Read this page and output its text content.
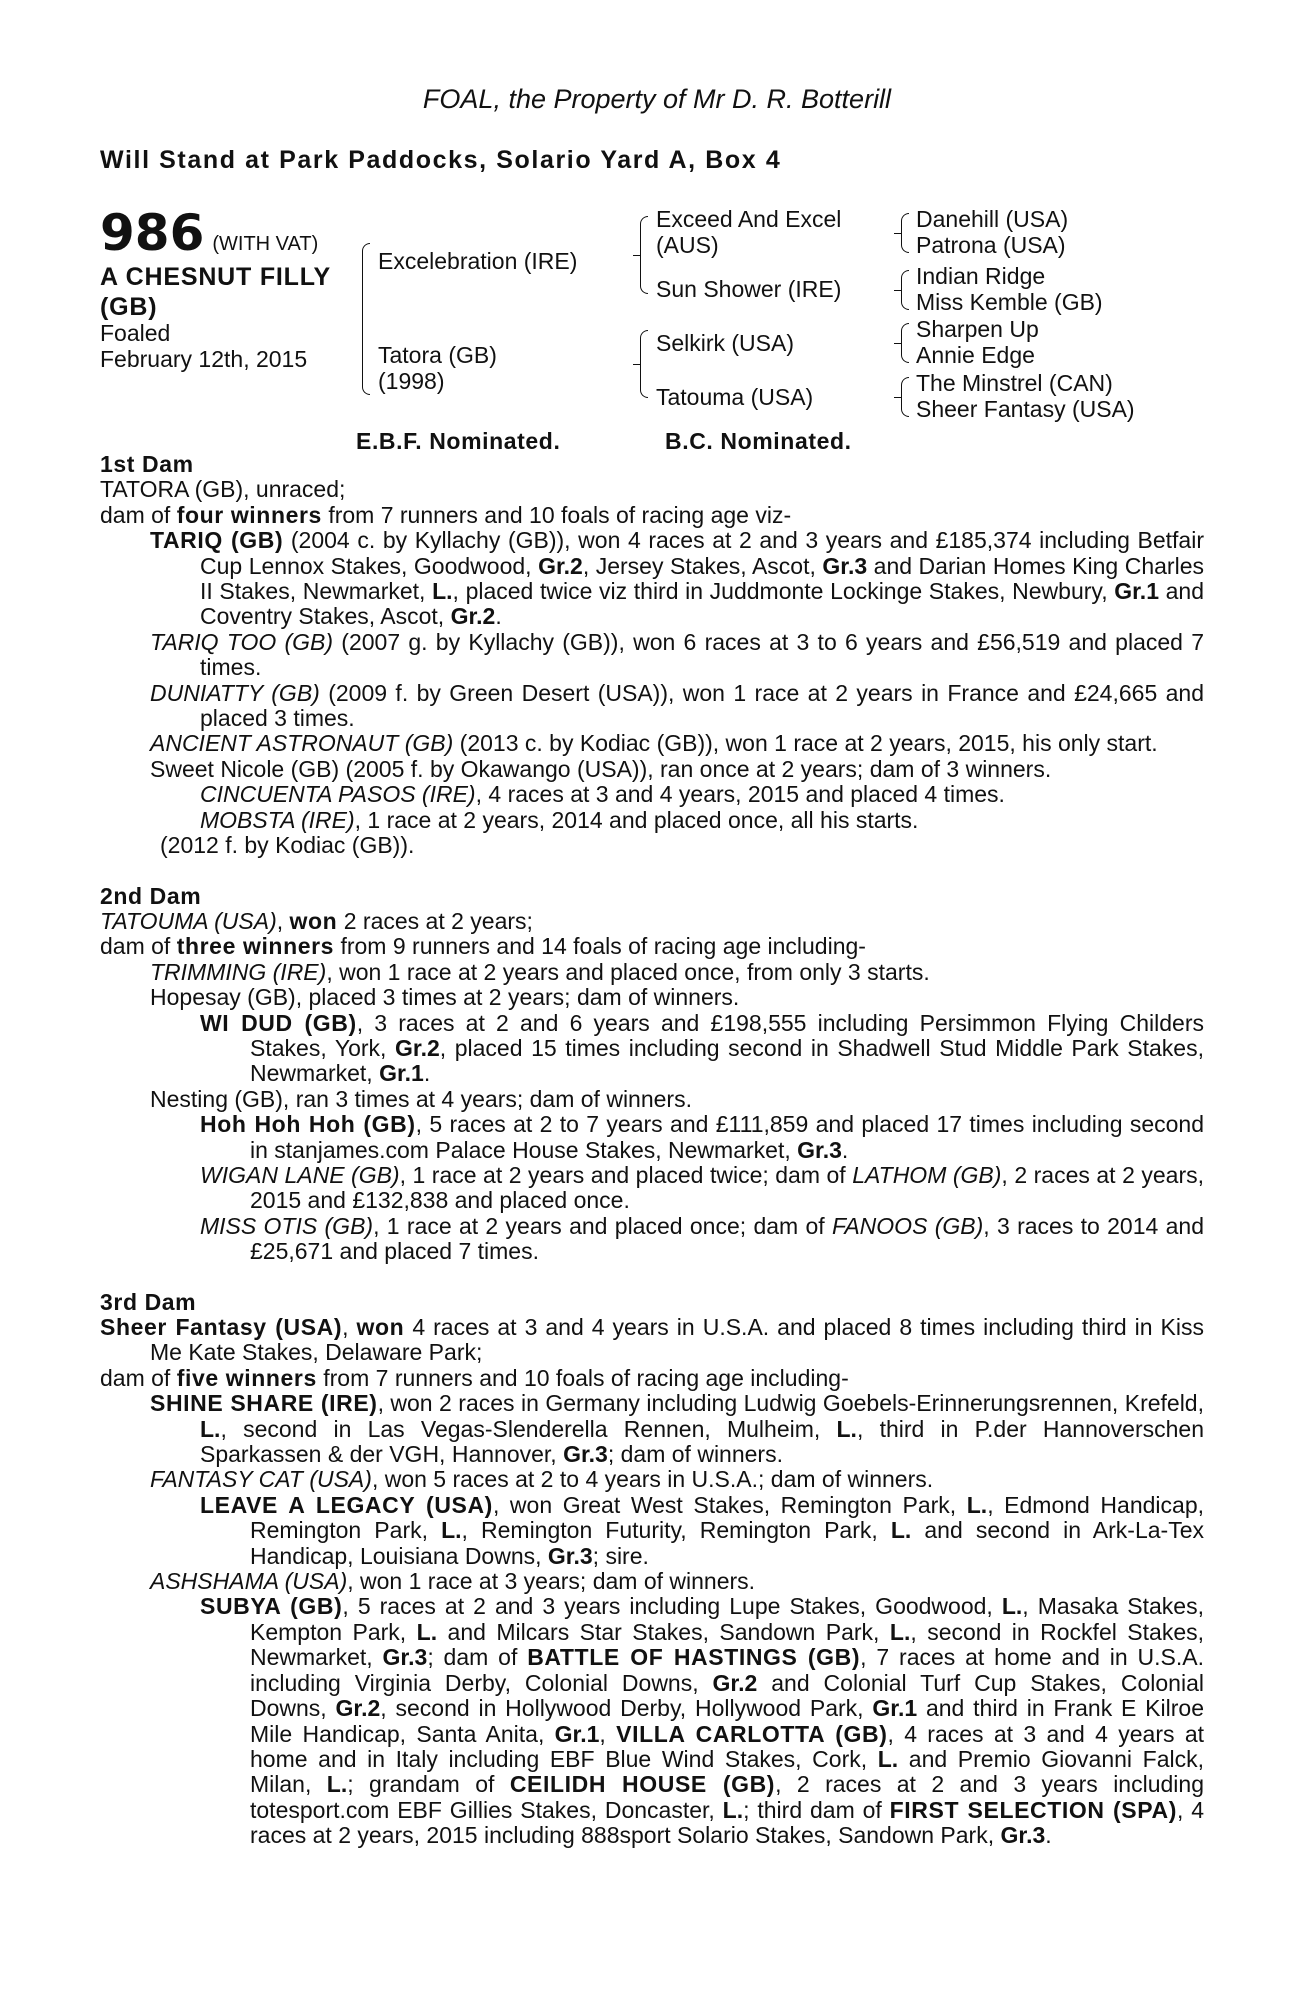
FOAL, the Property of Mr D. R. Botterill
Will Stand at Park Paddocks, Solario Yard A, Box 4
986 (WITH VAT)
A CHESNUT FILLY
(GB)
Foaled
February 12th, 2015
Excelebration (IRE)
Tatora (GB)
(1998)
Exceed And Excel
(AUS)
Sun Shower (IRE)
Selkirk (USA)
Tatouma (USA)
Danehill (USA)
Patrona (USA)
Indian Ridge
Miss Kemble (GB)
Sharpen Up
Annie Edge
The Minstrel (CAN)
Sheer Fantasy (USA)
E.B.F. Nominated.	B.C. Nominated.

1st Dam

TATORA (GB), unraced;

dam of four winners from 7 runners and 10 foals of racing age viz-

TARIQ (GB) (2004 c. by Kyllachy (GB)), won 4 races at 2 and 3 years and £185,374 including Betfair Cup Lennox Stakes, Goodwood, Gr.2, Jersey Stakes, Ascot, Gr.3 and Darian Homes King Charles II Stakes, Newmarket, L., placed twice viz third in Juddmonte Lockinge Stakes, Newbury, Gr.1 and Coventry Stakes, Ascot, Gr.2.

TARIQ TOO (GB) (2007 g. by Kyllachy (GB)), won 6 races at 3 to 6 years and £56,519 and placed 7 times.

DUNIATTY (GB) (2009 f. by Green Desert (USA)), won 1 race at 2 years in France and £24,665 and placed 3 times.

ANCIENT ASTRONAUT (GB) (2013 c. by Kodiac (GB)), won 1 race at 2 years, 2015, his only start.

Sweet Nicole (GB) (2005 f. by Okawango (USA)), ran once at 2 years; dam of 3 winners.

CINCUENTA PASOS (IRE), 4 races at 3 and 4 years, 2015 and placed 4 times.

MOBSTA (IRE), 1 race at 2 years, 2014 and placed once, all his starts.

(2012 f. by Kodiac (GB)).

2nd Dam

TATOUMA (USA), won 2 races at 2 years;

dam of three winners from 9 runners and 14 foals of racing age including-

TRIMMING (IRE), won 1 race at 2 years and placed once, from only 3 starts.

Hopesay (GB), placed 3 times at 2 years; dam of winners.

WI DUD (GB), 3 races at 2 and 6 years and £198,555 including Persimmon Flying Childers Stakes, York, Gr.2, placed 15 times including second in Shadwell Stud Middle Park Stakes, Newmarket, Gr.1.

Nesting (GB), ran 3 times at 4 years; dam of winners.

Hoh Hoh Hoh (GB), 5 races at 2 to 7 years and £111,859 and placed 17 times including second in stanjames.com Palace House Stakes, Newmarket, Gr.3.

WIGAN LANE (GB), 1 race at 2 years and placed twice; dam of LATHOM (GB), 2 races at 2 years, 2015 and £132,838 and placed once.

MISS OTIS (GB), 1 race at 2 years and placed once; dam of FANOOS (GB), 3 races to 2014 and £25,671 and placed 7 times.

3rd Dam

Sheer Fantasy (USA), won 4 races at 3 and 4 years in U.S.A. and placed 8 times including third in Kiss Me Kate Stakes, Delaware Park;

dam of five winners from 7 runners and 10 foals of racing age including-

SHINE SHARE (IRE), won 2 races in Germany including Ludwig Goebels-Erinnerungsrennen, Krefeld, L., second in Las Vegas-Slenderella Rennen, Mulheim, L., third in P.der Hannoverschen Sparkassen & der VGH, Hannover, Gr.3; dam of winners.

FANTASY CAT (USA), won 5 races at 2 to 4 years in U.S.A.; dam of winners.

LEAVE A LEGACY (USA), won Great West Stakes, Remington Park, L., Edmond Handicap, Remington Park, L., Remington Futurity, Remington Park, L. and second in Ark-La-Tex Handicap, Louisiana Downs, Gr.3; sire.

ASHSHAMA (USA), won 1 race at 3 years; dam of winners.

SUBYA (GB), 5 races at 2 and 3 years including Lupe Stakes, Goodwood, L., Masaka Stakes, Kempton Park, L. and Milcars Star Stakes, Sandown Park, L., second in Rockfel Stakes, Newmarket, Gr.3; dam of BATTLE OF HASTINGS (GB), 7 races at home and in U.S.A. including Virginia Derby, Colonial Downs, Gr.2 and Colonial Turf Cup Stakes, Colonial Downs, Gr.2, second in Hollywood Derby, Hollywood Park, Gr.1 and third in Frank E Kilroe Mile Handicap, Santa Anita, Gr.1, VILLA CARLOTTA (GB), 4 races at 3 and 4 years at home and in Italy including EBF Blue Wind Stakes, Cork, L. and Premio Giovanni Falck, Milan, L.; grandam of CEILIDH HOUSE (GB), 2 races at 2 and 3 years including totesport.com EBF Gillies Stakes, Doncaster, L.; third dam of FIRST SELECTION (SPA), 4 races at 2 years, 2015 including 888sport Solario Stakes, Sandown Park, Gr.3.
